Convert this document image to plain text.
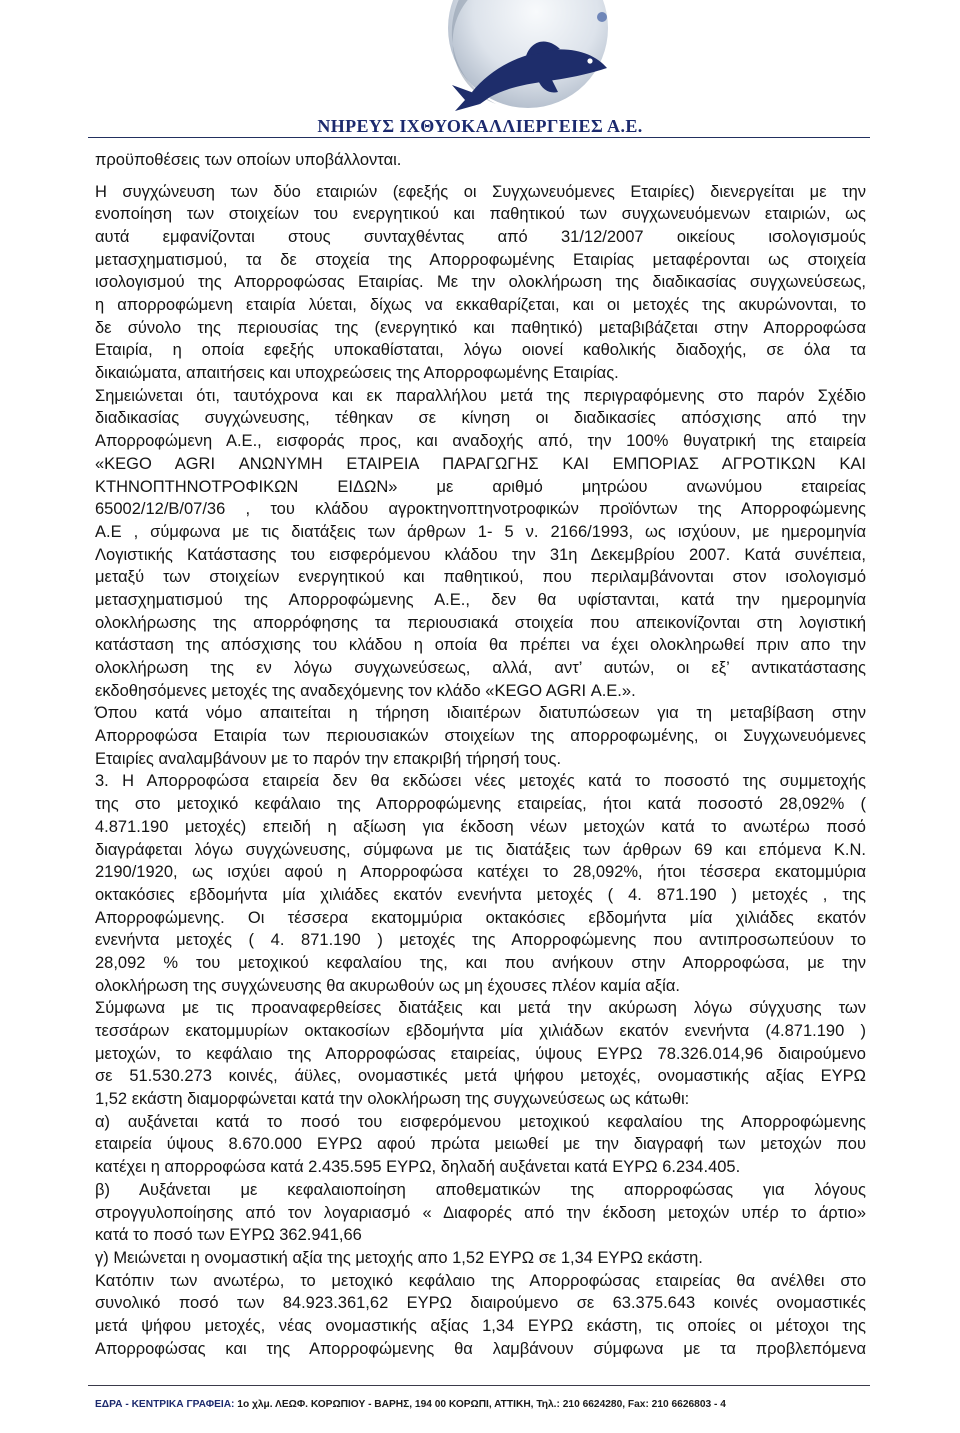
ΝΗΡΕΥΣ ΙΧΘΥΟΚΑΛΛΙΕΡΓΕΙΕΣ Α.Ε.
προϋποθέσεις των οποίων υποβάλλονται.
Η συγχώνευση των δύο εταιριών (εφεξής οι Συγχωνευόμενες Εταιρίες) διενεργείται με την
ενοποίηση των στοιχείων του ενεργητικού και παθητικού των συγχωνευόμενων εταιριών, ως
αυτά εμφανίζονται στους συνταχθέντας από 31/12/2007 οικείους ισολογισμούς
μετασχηματισμού, τα δε στοχεία της Απορροφωμένης Εταιρίας μεταφέρονται ως στοιχεία
ισολογισμού της Απορροφώσας Εταιρίας. Με την ολοκλήρωση της διαδικασίας συγχωνεύσεως,
η απορροφώμενη εταιρία λύεται, δίχως να εκκαθαρίζεται, και οι μετοχές της ακυρώνονται, το
δε σύνολο της περιουσίας της (ενεργητικό και παθητικό) μεταβιβάζεται στην Απορροφώσα
Εταιρία, η οποία εφεξής υποκαθίσταται, λόγω οιονεί καθολικής διαδοχής, σε όλα τα
δικαιώματα, απαιτήσεις και υποχρεώσεις της Απορροφωμένης Εταιρίας.
Σημειώνεται ότι, ταυτόχρονα και εκ παραλλήλου μετά της περιγραφόμενης στο παρόν Σχέδιο
διαδικασίας συγχώνευσης, τέθηκαν σε κίνηση οι διαδικασίες απόσχισης από την
Απορροφώμενη Α.Ε., εισφοράς προς, και αναδοχής από, την 100% θυγατρική της εταιρεία
«KEGO AGRI ΑΝΩΝΥΜΗ ΕΤΑΙΡΕΙΑ ΠΑΡΑΓΩΓΗΣ ΚΑΙ ΕΜΠΟΡΙΑΣ ΑΓΡΟΤΙΚΩΝ ΚΑΙ
ΚΤΗΝΟΠΤΗΝΟΤΡΟΦΙΚΩΝ ΕΙΔΩΝ» με αριθμό μητρώου ανωνύμου εταιρείας
65002/12/Β/07/36 , του κλάδου αγροκτηνοπτηνοτροφικών προϊόντων της Απορροφώμενης
Α.Ε , σύμφωνα με τις διατάξεις των άρθρων 1- 5 ν. 2166/1993, ως ισχύουν, με ημερομηνία
Λογιστικής Κατάστασης του εισφερόμενου κλάδου την 31η Δεκεμβρίου 2007. Κατά συνέπεια,
μεταξύ των στοιχείων ενεργητικού και παθητικού, που περιλαμβάνονται στον ισολογισμό
μετασχηματισμού της Απορροφώμενης Α.Ε., δεν θα υφίστανται, κατά την ημερομηνία
ολοκλήρωσης της απορρόφησης τα περιουσιακά στοιχεία που απεικονίζονται στη λογιστική
κατάσταση της απόσχισης του κλάδου η οποία θα πρέπει να έχει ολοκληρωθεί πριν απο την
ολοκλήρωση της εν λόγω συγχωνεύσεως, αλλά, αντ’ αυτών, οι εξ’ αντικατάστασης
εκδοθησόμενες μετοχές της αναδεχόμενης τον κλάδο «KEGO AGRI Α.Ε.».
Όπου κατά νόμο απαιτείται η τήρηση ιδιαιτέρων διατυπώσεων για τη μεταβίβαση στην
Απορροφώσα Εταιρία των περιουσιακών στοιχείων της απορροφωμένης, οι Συγχωνευόμενες
Εταιρίες αναλαμβάνουν με το παρόν την επακριβή τήρησή τους.
3. Η Απορροφώσα εταιρεία δεν θα εκδώσει νέες μετοχές κατά το ποσοστό της συμμετοχής
της στο μετοχικό κεφάλαιο της Απορροφώμενης εταιρείας, ήτοι κατά ποσοστό 28,092% (
4.871.190 μετοχές) επειδή η αξίωση για έκδοση νέων μετοχών κατά το ανωτέρω ποσό
διαγράφεται λόγω συγχώνευσης, σύμφωνα με τις διατάξεις των άρθρων 69 και επόμενα Κ.Ν.
2190/1920, ως ισχύει αφού η Απορροφώσα κατέχει το 28,092%, ήτοι τέσσερα εκατομμύρια
οκτακόσιες εβδομήντα μία χιλιάδες εκατόν ενενήντα μετοχές ( 4. 871.190 ) μετοχές , της
Απορροφώμενης. Οι τέσσερα εκατομμύρια οκτακόσιες εβδομήντα μία χιλιάδες εκατόν
ενενήντα μετοχές ( 4. 871.190 ) μετοχές της Απορροφώμενης που αντιπροσωπεύουν το
28,092 % του μετοχικού κεφαλαίου της, και που ανήκουν στην Απορροφώσα, με την
ολοκλήρωση της συγχώνευσης θα ακυρωθούν ως μη έχουσες πλέον καμία αξία.
Σύμφωνα με τις προαναφερθείσες διατάξεις και μετά την ακύρωση λόγω σύγχυσης των
τεσσάρων εκατομμυρίων οκτακοσίων εβδομήντα μία χιλιάδων εκατόν ενενήντα (4.871.190 )
μετοχών, το κεφάλαιο της Απορροφώσας εταιρείας, ύψους ΕΥΡΩ 78.326.014,96 διαιρούμενο
σε 51.530.273 κοινές, άϋλες, ονομαστικές μετά ψήφου μετοχές, ονομαστικής αξίας ΕΥΡΩ
1,52 εκάστη διαμορφώνεται κατά την ολοκλήρωση της συγχωνεύσεως ως κάτωθι:
α) αυξάνεται κατά το ποσό του εισφερόμενου μετοχικού κεφαλαίου της Απορροφώμενης
εταιρεία ύψους 8.670.000 ΕΥΡΩ αφού πρώτα μειωθεί με την διαγραφή των μετοχών που
κατέχει η απορροφώσα κατά 2.435.595 ΕΥΡΩ, δηλαδή αυξάνεται κατά ΕΥΡΩ 6.234.405.
β) Αυξάνεται με κεφαλαιοποίηση αποθεματικών της απορροφώσας για λόγους
στρογγυλοποίησης από τον λογαριασμό « Διαφορές από την έκδοση μετοχών υπέρ το άρτιο»
κατά το ποσό των ΕΥΡΩ 362.941,66
γ) Μειώνεται η ονομαστική αξία της μετοχής απο 1,52 ΕΥΡΩ σε 1,34 ΕΥΡΩ εκάστη.
Κατόπιν των ανωτέρω, το μετοχικό κεφάλαιο της Απορροφώσας εταιρείας θα ανέλθει στο
συνολικό ποσό των 84.923.361,62 ΕΥΡΩ διαιρούμενο σε 63.375.643 κοινές ονομαστικές
μετά ψήφου μετοχές, νέας ονομαστικής αξίας 1,34 ΕΥΡΩ εκάστη, τις οποίες οι μέτοχοι της
Απορροφώσας και της Απορροφώμενης θα λαμβάνουν σύμφωνα με τα προβλεπόμενα
ΕΔΡΑ - ΚΕΝΤΡΙΚΑ ΓΡΑΦΕΙΑ: 1ο χλμ. ΛΕΩΦ. ΚΟΡΩΠΙΟΥ - ΒΑΡΗΣ, 194 00 ΚΟΡΩΠΙ, ΑΤΤΙΚΗ, Τηλ.: 210 6624280, Fax: 210 6626803 - 4
